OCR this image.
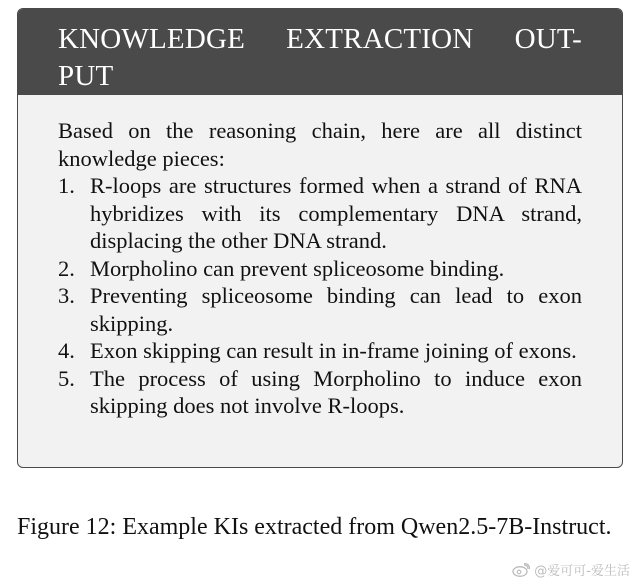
KNOWLEDGE EXTRACTION OUT-
PUT
Based on the reasoning chain, here are all distinct knowledge pieces:
1. R-loops are structures formed when a strand of RNA hybridizes with its complementary DNA strand, displacing the other DNA strand.
2. Morpholino can prevent spliceosome binding.
3. Preventing spliceosome binding can lead to exon skipping.
4. Exon skipping can result in in-frame joining of exons.
5. The process of using Morpholino to induce exon skipping does not involve R-loops.
Figure 12: Example KIs extracted from Qwen2.5-7B-Instruct.
@爱可可-爱生活
